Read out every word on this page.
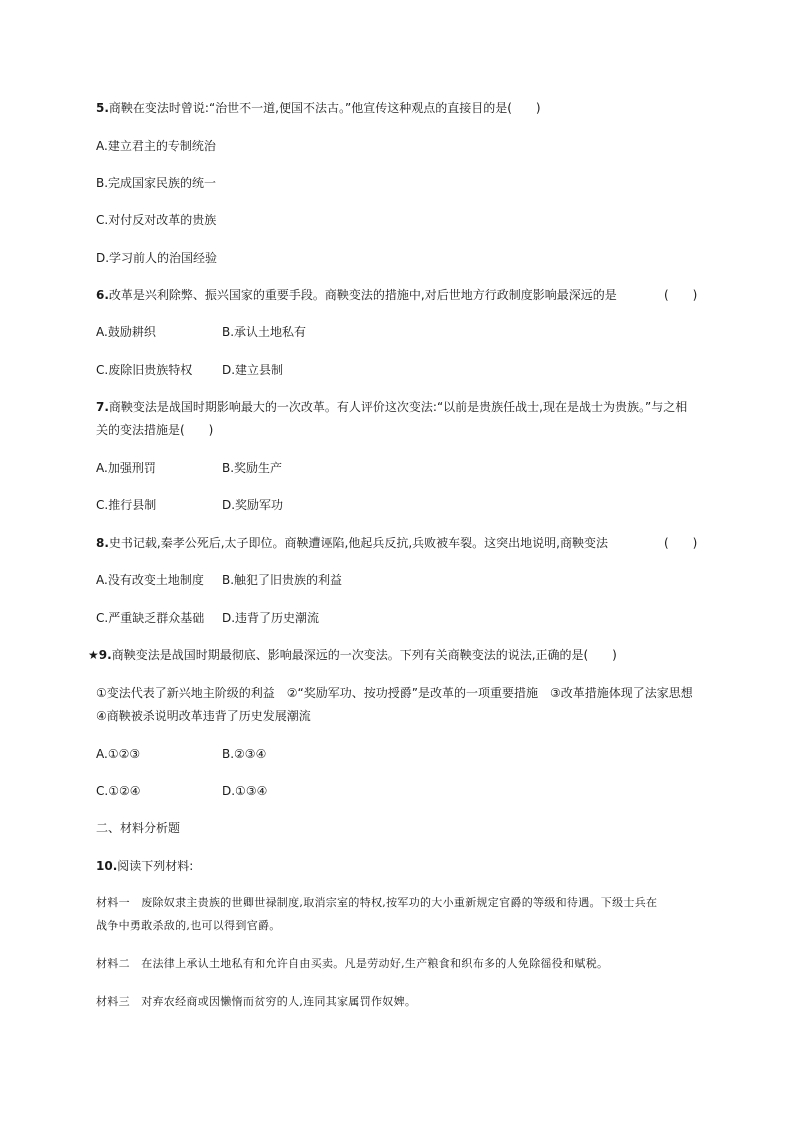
5.商鞅在变法时曾说:“治世不一道,便国不法古。”他宣传这种观点的直接目的是(　　)
A.建立君主的专制统治
B.完成国家民族的统一
C.对付反对改革的贵族
D.学习前人的治国经验
6.改革是兴利除弊、振兴国家的重要手段。商鞅变法的措施中,对后世地方行政制度影响最深远的是	(　　)
A.鼓励耕织	B.承认土地私有
C.废除旧贵族特权 D.建立县制
7.商鞅变法是战国时期影响最大的一次改革。有人评价这次变法:“以前是贵族任战士,现在是战士为贵族。”与之相
关的变法措施是(　　)
A.加强刑罚	B.奖励生产
C.推行县制	D.奖励军功
8.史书记载,秦孝公死后,太子即位。商鞅遭诬陷,他起兵反抗,兵败被车裂。这突出地说明,商鞅变法	(　　)
A.没有改变土地制度 B.触犯了旧贵族的利益
C.严重缺乏群众基础 D.违背了历史潮流
★9.商鞅变法是战国时期最彻底、影响最深远的一次变法。下列有关商鞅变法的说法,正确的是(　　)
①变法代表了新兴地主阶级的利益　②“奖励军功、按功授爵”是改革的一项重要措施　③改革措施体现了法家思想
④商鞅被杀说明改革违背了历史发展潮流
A.①②③	B.②③④
C.①②④	D.①③④
二、材料分析题
10.阅读下列材料:
材料一　废除奴隶主贵族的世卿世禄制度,取消宗室的特权,按军功的大小重新规定官爵的等级和待遇。下级士兵在
战争中勇敢杀敌的,也可以得到官爵。
材料二　在法律上承认土地私有和允许自由买卖。凡是劳动好,生产粮食和织布多的人免除徭役和赋税。
材料三　对弃农经商或因懒惰而贫穷的人,连同其家属罚作奴婢。
